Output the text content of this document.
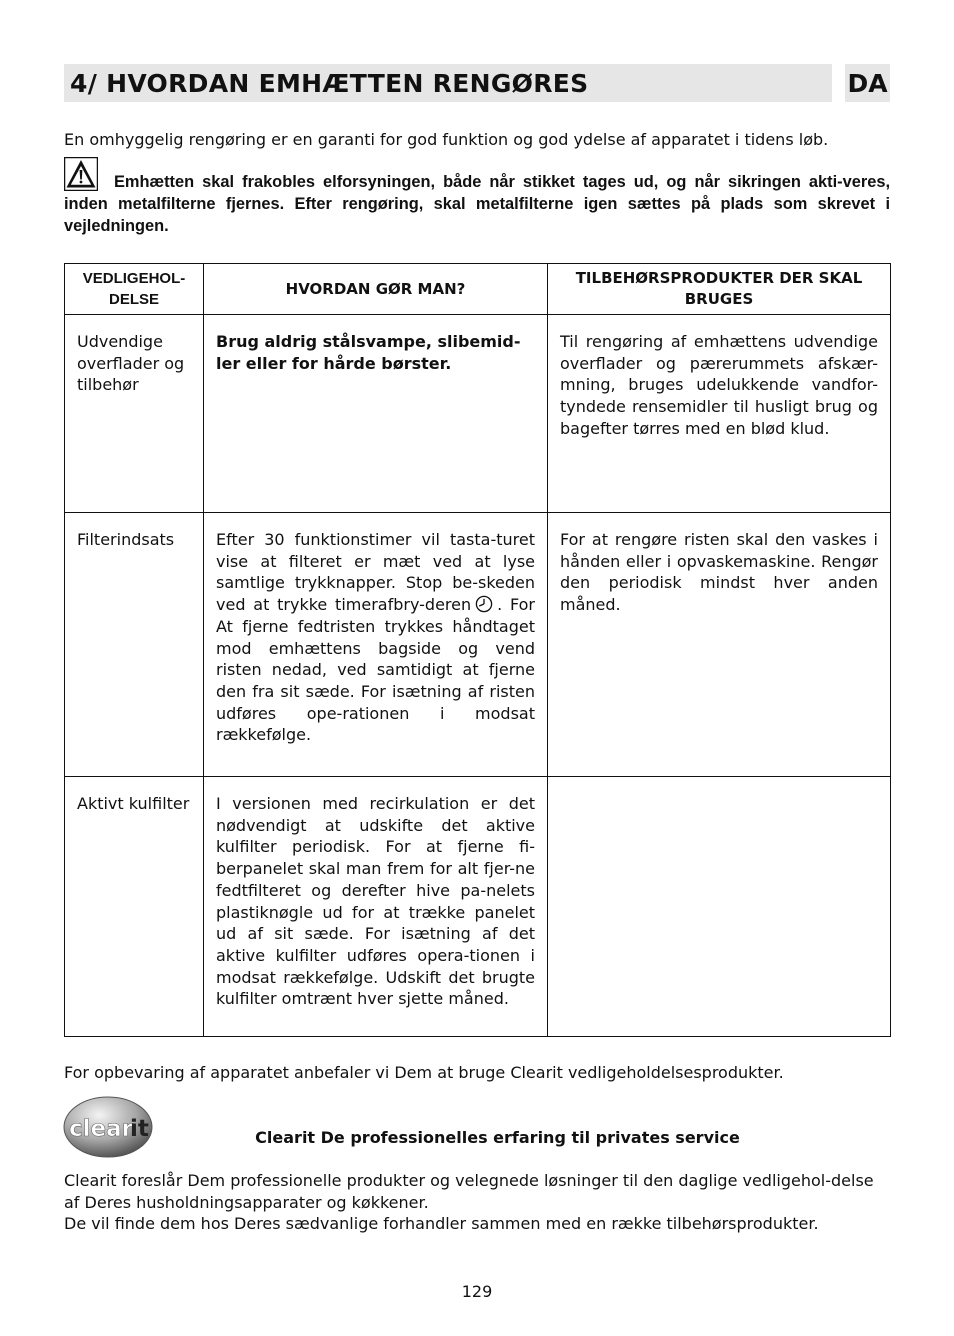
4/ HVORDAN EMHÆTTEN RENGØRES	DA
En omhyggelig rengøring er en garanti for god funktion og god ydelse af apparatet i tidens løb.
Emhætten skal frakobles elforsyningen, både når stikket tages ud, og når sikringen akti-veres, inden metalfilterne fjernes. Efter rengøring, skal metalfilterne igen sættes på plads som skrevet i vejledningen.
VEDLIGEHOL-DELSE	HVORDAN GØR MAN?	TILBEHØRSPRODUKTER DER SKAL BRUGES
Udvendige overflader og tilbehør	Brug aldrig stålsvampe, slibemid-ler eller for hårde børster.	Til rengøring af emhættens udvendige overflader og pærerummets afskær-mning, bruges udelukkende vandfor-tyndede rensemidler til husligt brug og bagefter tørres med en blød klud.
Filterindsats	Efter 30 funktionstimer vil tasta-turet vise at filteret er mæt ved at lyse samtlige trykknapper. Stop be-skeden ved at trykke timerafbry-deren . For At fjerne fedtristen trykkes håndtaget mod emhættens bagside og vend risten nedad, ved samtidigt at fjerne den fra sit sæde. For isætning af risten udføres ope-rationen i modsat rækkefølge.	For at rengøre risten skal den vaskes i hånden eller i opvaskemaskine. Rengør den periodisk mindst hver anden måned.
Aktivt kulfilter	I versionen med recirkulation er det nødvendigt at udskifte det aktive kulfilter periodisk. For at fjerne fi-berpanelet skal man frem for alt fjer-ne fedtfilteret og derefter hive pa-nelets plastiknøgle ud for at trække panelet ud af sit sæde. For isætning af det aktive kulfilter udføres opera-tionen i modsat rækkefølge. Udskift det brugte kulfilter omtrænt hver sjette måned.	
For opbevaring af apparatet anbefaler vi Dem at bruge Clearit vedligeholdelsesprodukter.
clear
it	Clearit De professionelles erfaring til privates service
Clearit foreslår Dem professionelle produkter og velegnede løsninger til den daglige vedligehol-delse af Deres husholdningsapparater og køkkener.
De vil finde dem hos Deres sædvanlige forhandler sammen med en række tilbehørsprodukter.
129
